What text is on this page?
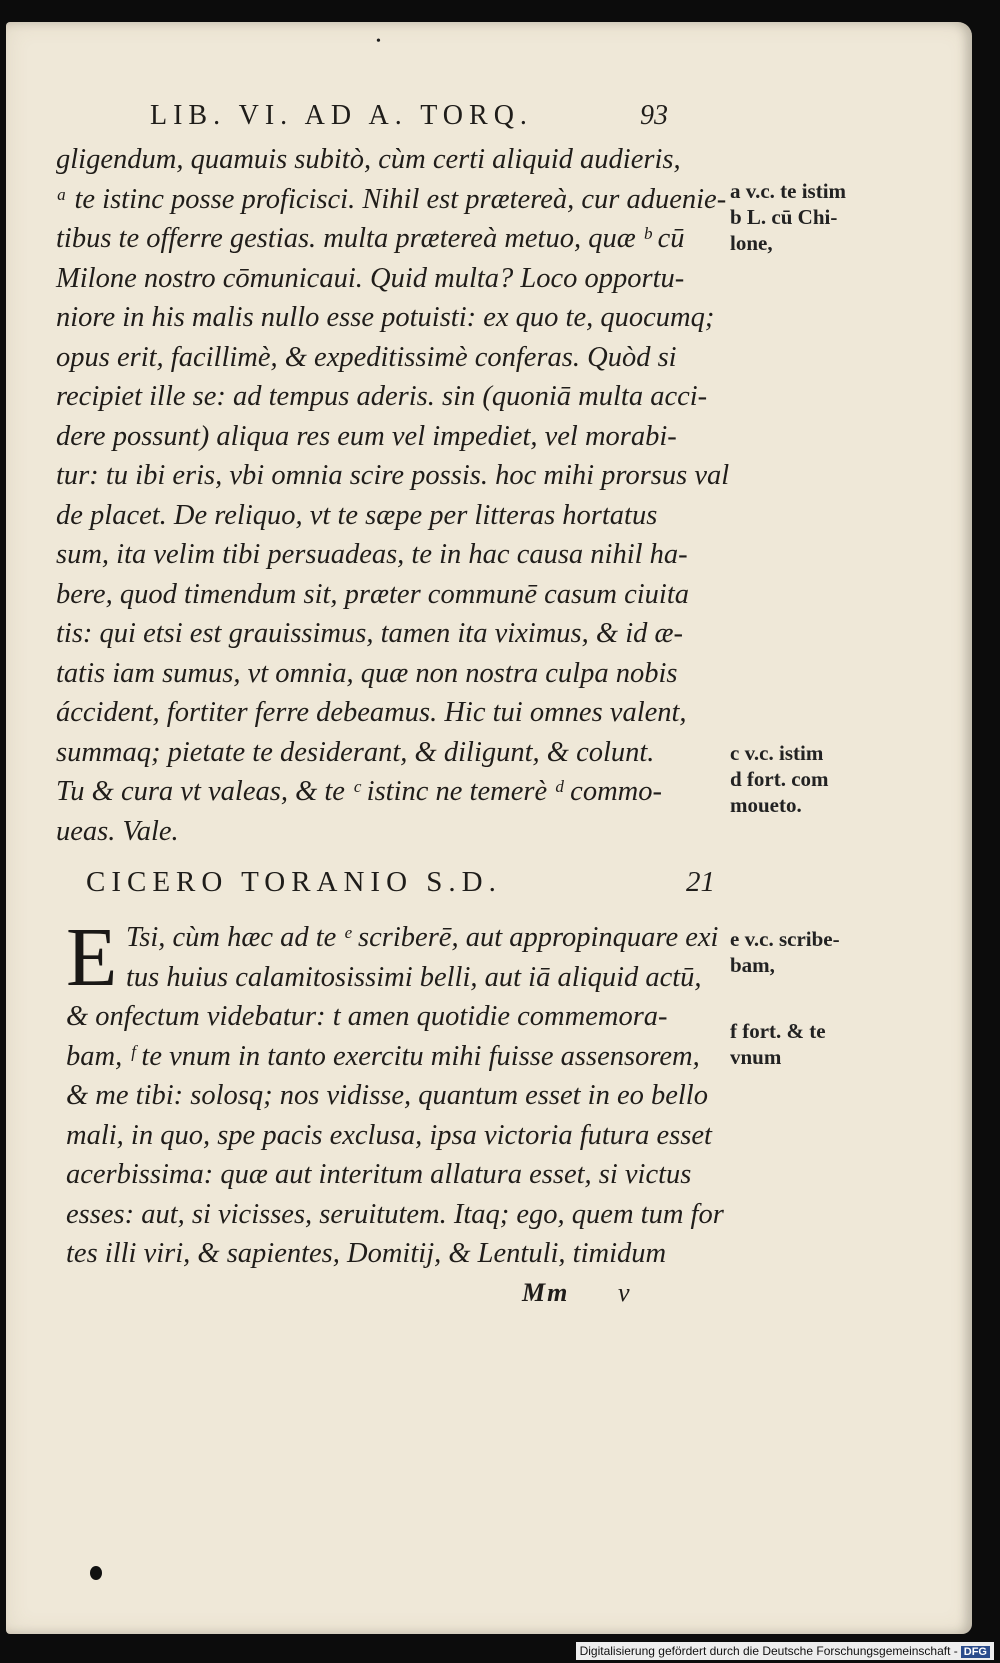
•
LIB. VI. AD A. TORQ.	93
gligendum, quamuis subitò, cùm certi aliquid audieris,
ᵃ te istinc posse proficisci. Nihil est prætereà, cur aduenie-
tibus te offerre gestias. multa prætereà metuo, quæ ᵇ cū
Milone nostro cōmunicaui. Quid multa? Loco opportu-
niore in his malis nullo esse potuisti: ex quo te, quocumq;
opus erit, facillimè, & expeditissimè conferas. Quòd si
recipiet ille se: ad tempus aderis. sin (quoniā multa acci-
dere possunt) aliqua res eum vel impediet, vel morabi-
tur: tu ibi eris, vbi omnia scire possis. hoc mihi prorsus val
de placet. De reliquo, vt te sæpe per litteras hortatus
sum, ita velim tibi persuadeas, te in hac causa nihil ha-
bere, quod timendum sit, præter communē casum ciuita
tis: qui etsi est grauissimus, tamen ita viximus, & id æ-
tatis iam sumus, vt omnia, quæ non nostra culpa nobis
áccident, fortiter ferre debeamus. Hic tui omnes valent,
summaq; pietate te desiderant, & diligunt, & colunt.
Tu & cura vt valeas, & te ᶜ istinc ne temerè ᵈ commo-
ueas. Vale.
CICERO TORANIO S.D.	21
E Tsi, cùm hæc ad te ᵉ scriberē, aut appropinquare exi
tus huius calamitosissimi belli, aut iā aliquid actū,
& onfectum videbatur: t amen quotidie commemora-
bam, ᶠ te vnum in tanto exercitu mihi fuisse assensorem,
& me tibi: solosq; nos vidisse, quantum esset in eo bello
mali, in quo, spe pacis exclusa, ipsa victoria futura esset
acerbissima: quæ aut interitum allatura esset, si victus
esses: aut, si vicisses, seruitutem. Itaq; ego, quem tum for
tes illi viri, & sapientes, Domitij, & Lentuli, timidum
a v.c. te istim
b L. cū Chi-
lone,
c v.c. istim
d fort. com
moueto.
e v.c. scribe-
bam,
f fort. & te
vnum
Mm v
Digitalisierung gefördert durch die Deutsche Forschungsgemeinschaft - DFG
